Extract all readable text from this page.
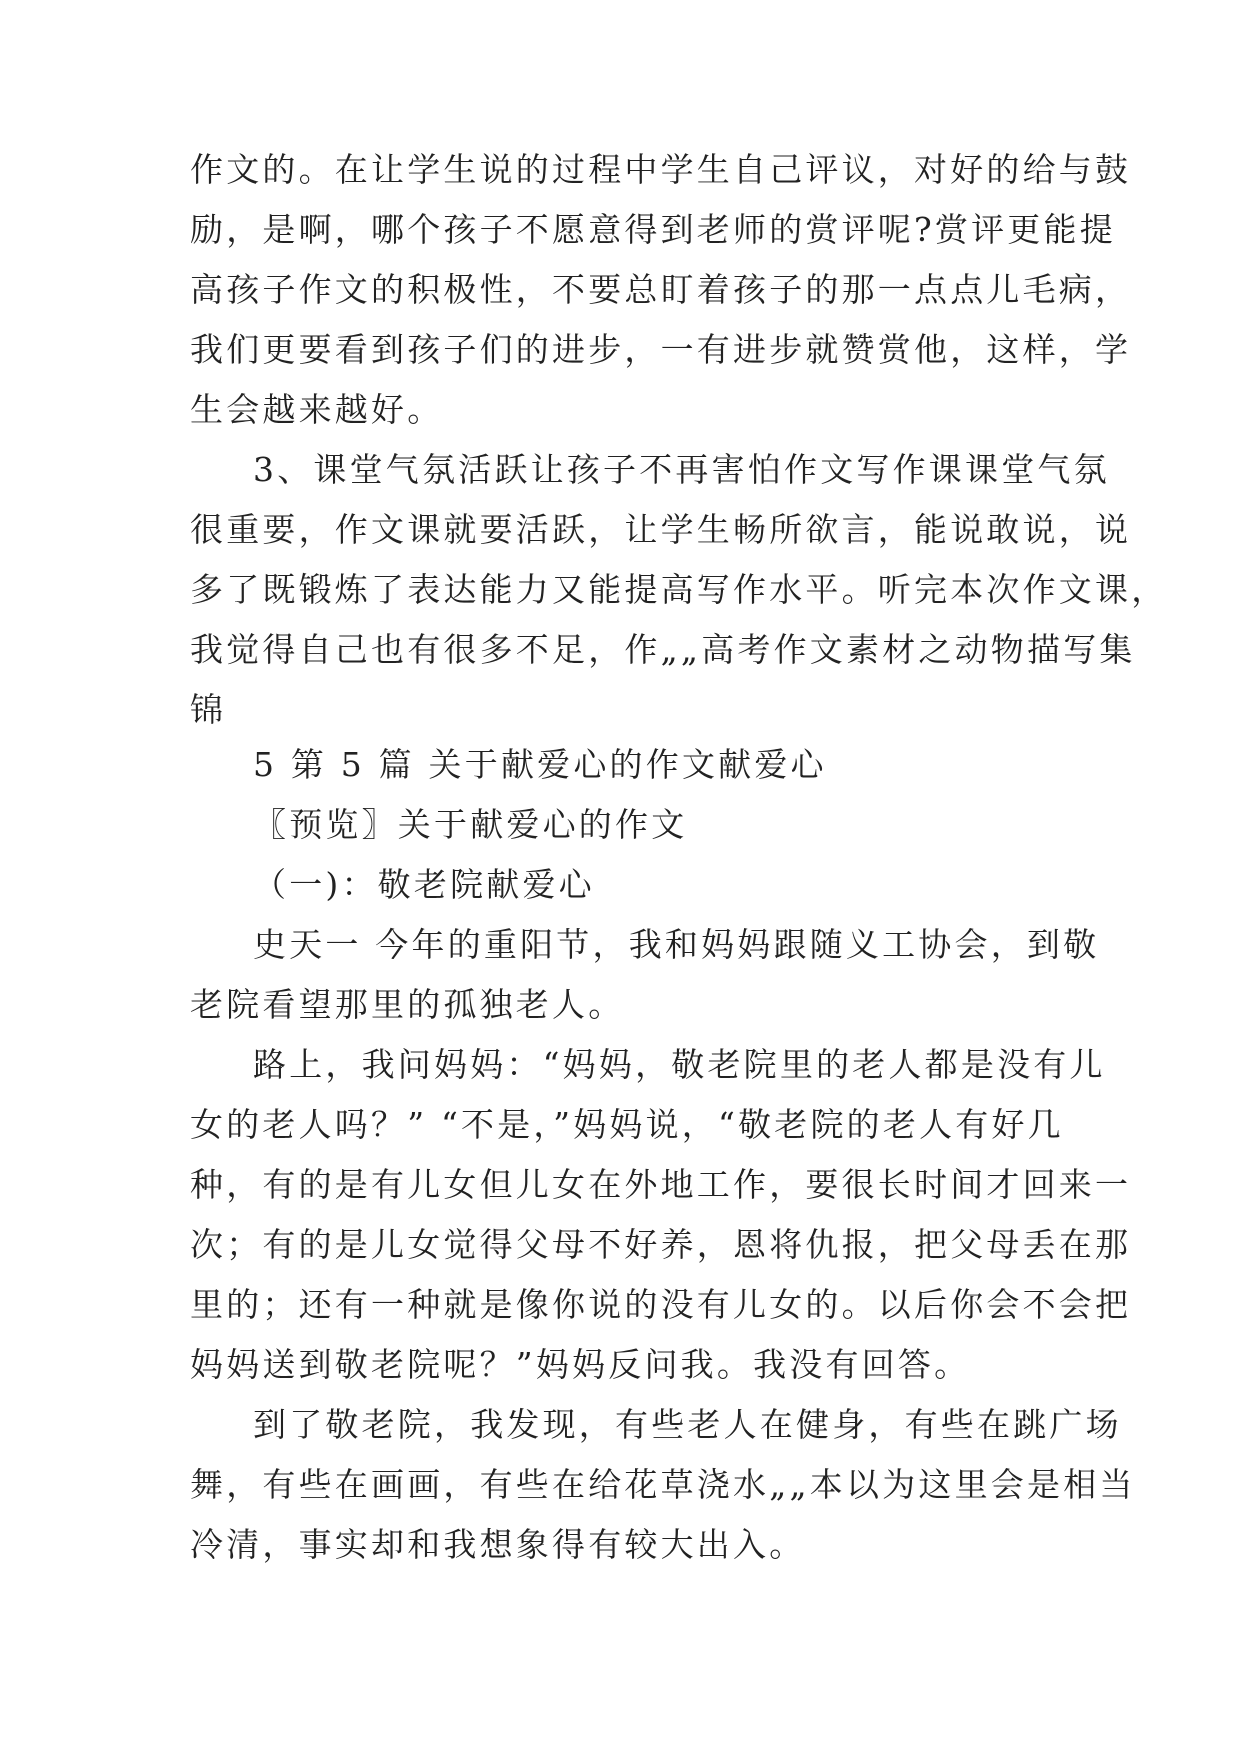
作文的。在让学生说的过程中学生自己评议，对好的给与鼓
励，是啊，哪个孩子不愿意得到老师的赏评呢?赏评更能提
高孩子作文的积极性，不要总盯着孩子的那一点点儿毛病，
我们更要看到孩子们的进步，一有进步就赞赏他，这样，学
生会越来越好。
3、课堂气氛活跃让孩子不再害怕作文写作课课堂气氛
很重要，作文课就要活跃，让学生畅所欲言，能说敢说，说
多了既锻炼了表达能力又能提高写作水平。听完本次作文课，
我觉得自己也有很多不足，作„„高考作文素材之动物描写集
锦
5 第 5 篇 关于献爱心的作文献爱心
〖预览〗关于献爱心的作文
（一)：敬老院献爱心
史天一 今年的重阳节，我和妈妈跟随义工协会，到敬
老院看望那里的孤独老人。
路上，我问妈妈：“妈妈，敬老院里的老人都是没有儿
女的老人吗？” “不是，”妈妈说，“敬老院的老人有好几
种，有的是有儿女但儿女在外地工作，要很长时间才回来一
次；有的是儿女觉得父母不好养，恩将仇报，把父母丢在那
里的；还有一种就是像你说的没有儿女的。以后你会不会把
妈妈送到敬老院呢？”妈妈反问我。我没有回答。
到了敬老院，我发现，有些老人在健身，有些在跳广场
舞，有些在画画，有些在给花草浇水„„本以为这里会是相当
冷清，事实却和我想象得有较大出入。
